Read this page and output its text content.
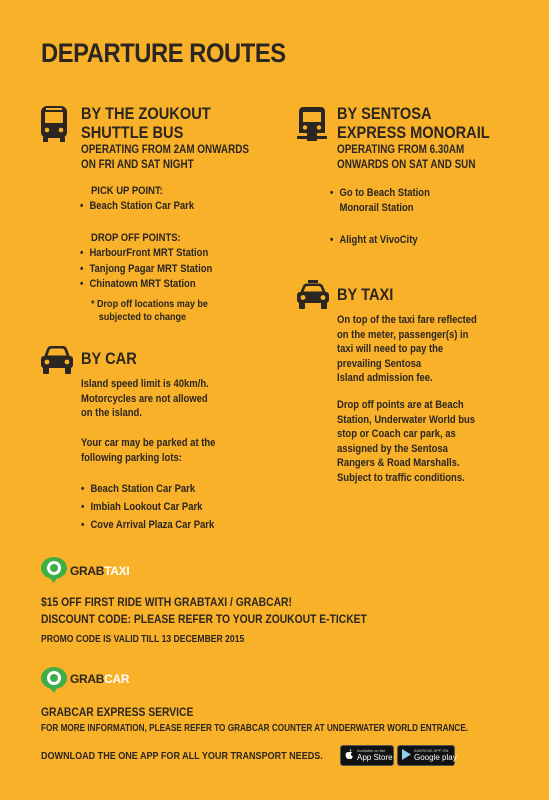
DEPARTURE ROUTES
BY THE ZOUKOUT
SHUTTLE BUS
OPERATING FROM 2AM ONWARDS
ON FRI AND SAT NIGHT
PICK UP POINT:
• Beach Station Car Park
DROP OFF POINTS:
• HarbourFront MRT Station
• Tanjong Pagar MRT Station
• Chinatown MRT Station
* Drop off locations may be
subjected to change
BY CAR
Island speed limit is 40km/h.
Motorcycles are not allowed
on the island.
Your car may be parked at the
following parking lots:
• Beach Station Car Park
• Imbiah Lookout Car Park
• Cove Arrival Plaza Car Park
BY SENTOSA
EXPRESS MONORAIL
OPERATING FROM 6.30AM
ONWARDS ON SAT AND SUN
• Go to Beach Station
Monorail Station
• Alight at VivoCity
BY TAXI
On top of the taxi fare reflected
on the meter, passenger(s) in
taxi will need to pay the
prevailing Sentosa
Island admission fee.
Drop off points are at Beach
Station, Underwater World bus
stop or Coach car park, as
assigned by the Sentosa
Rangers & Road Marshalls.
Subject to traffic conditions.
GRABTAXI
$15 OFF FIRST RIDE WITH GRABTAXI / GRABCAR!
DISCOUNT CODE: PLEASE REFER TO YOUR ZOUKOUT E-TICKET
PROMO CODE IS VALID TILL 13 DECEMBER 2015
GRABCAR
GRABCAR EXPRESS SERVICE
FOR MORE INFORMATION, PLEASE REFER TO GRABCAR COUNTER AT UNDERWATER WORLD ENTRANCE.
DOWNLOAD THE ONE APP FOR ALL YOUR TRANSPORT NEEDS.	Available on the
App Store
ANDROID APP ON
Google play
